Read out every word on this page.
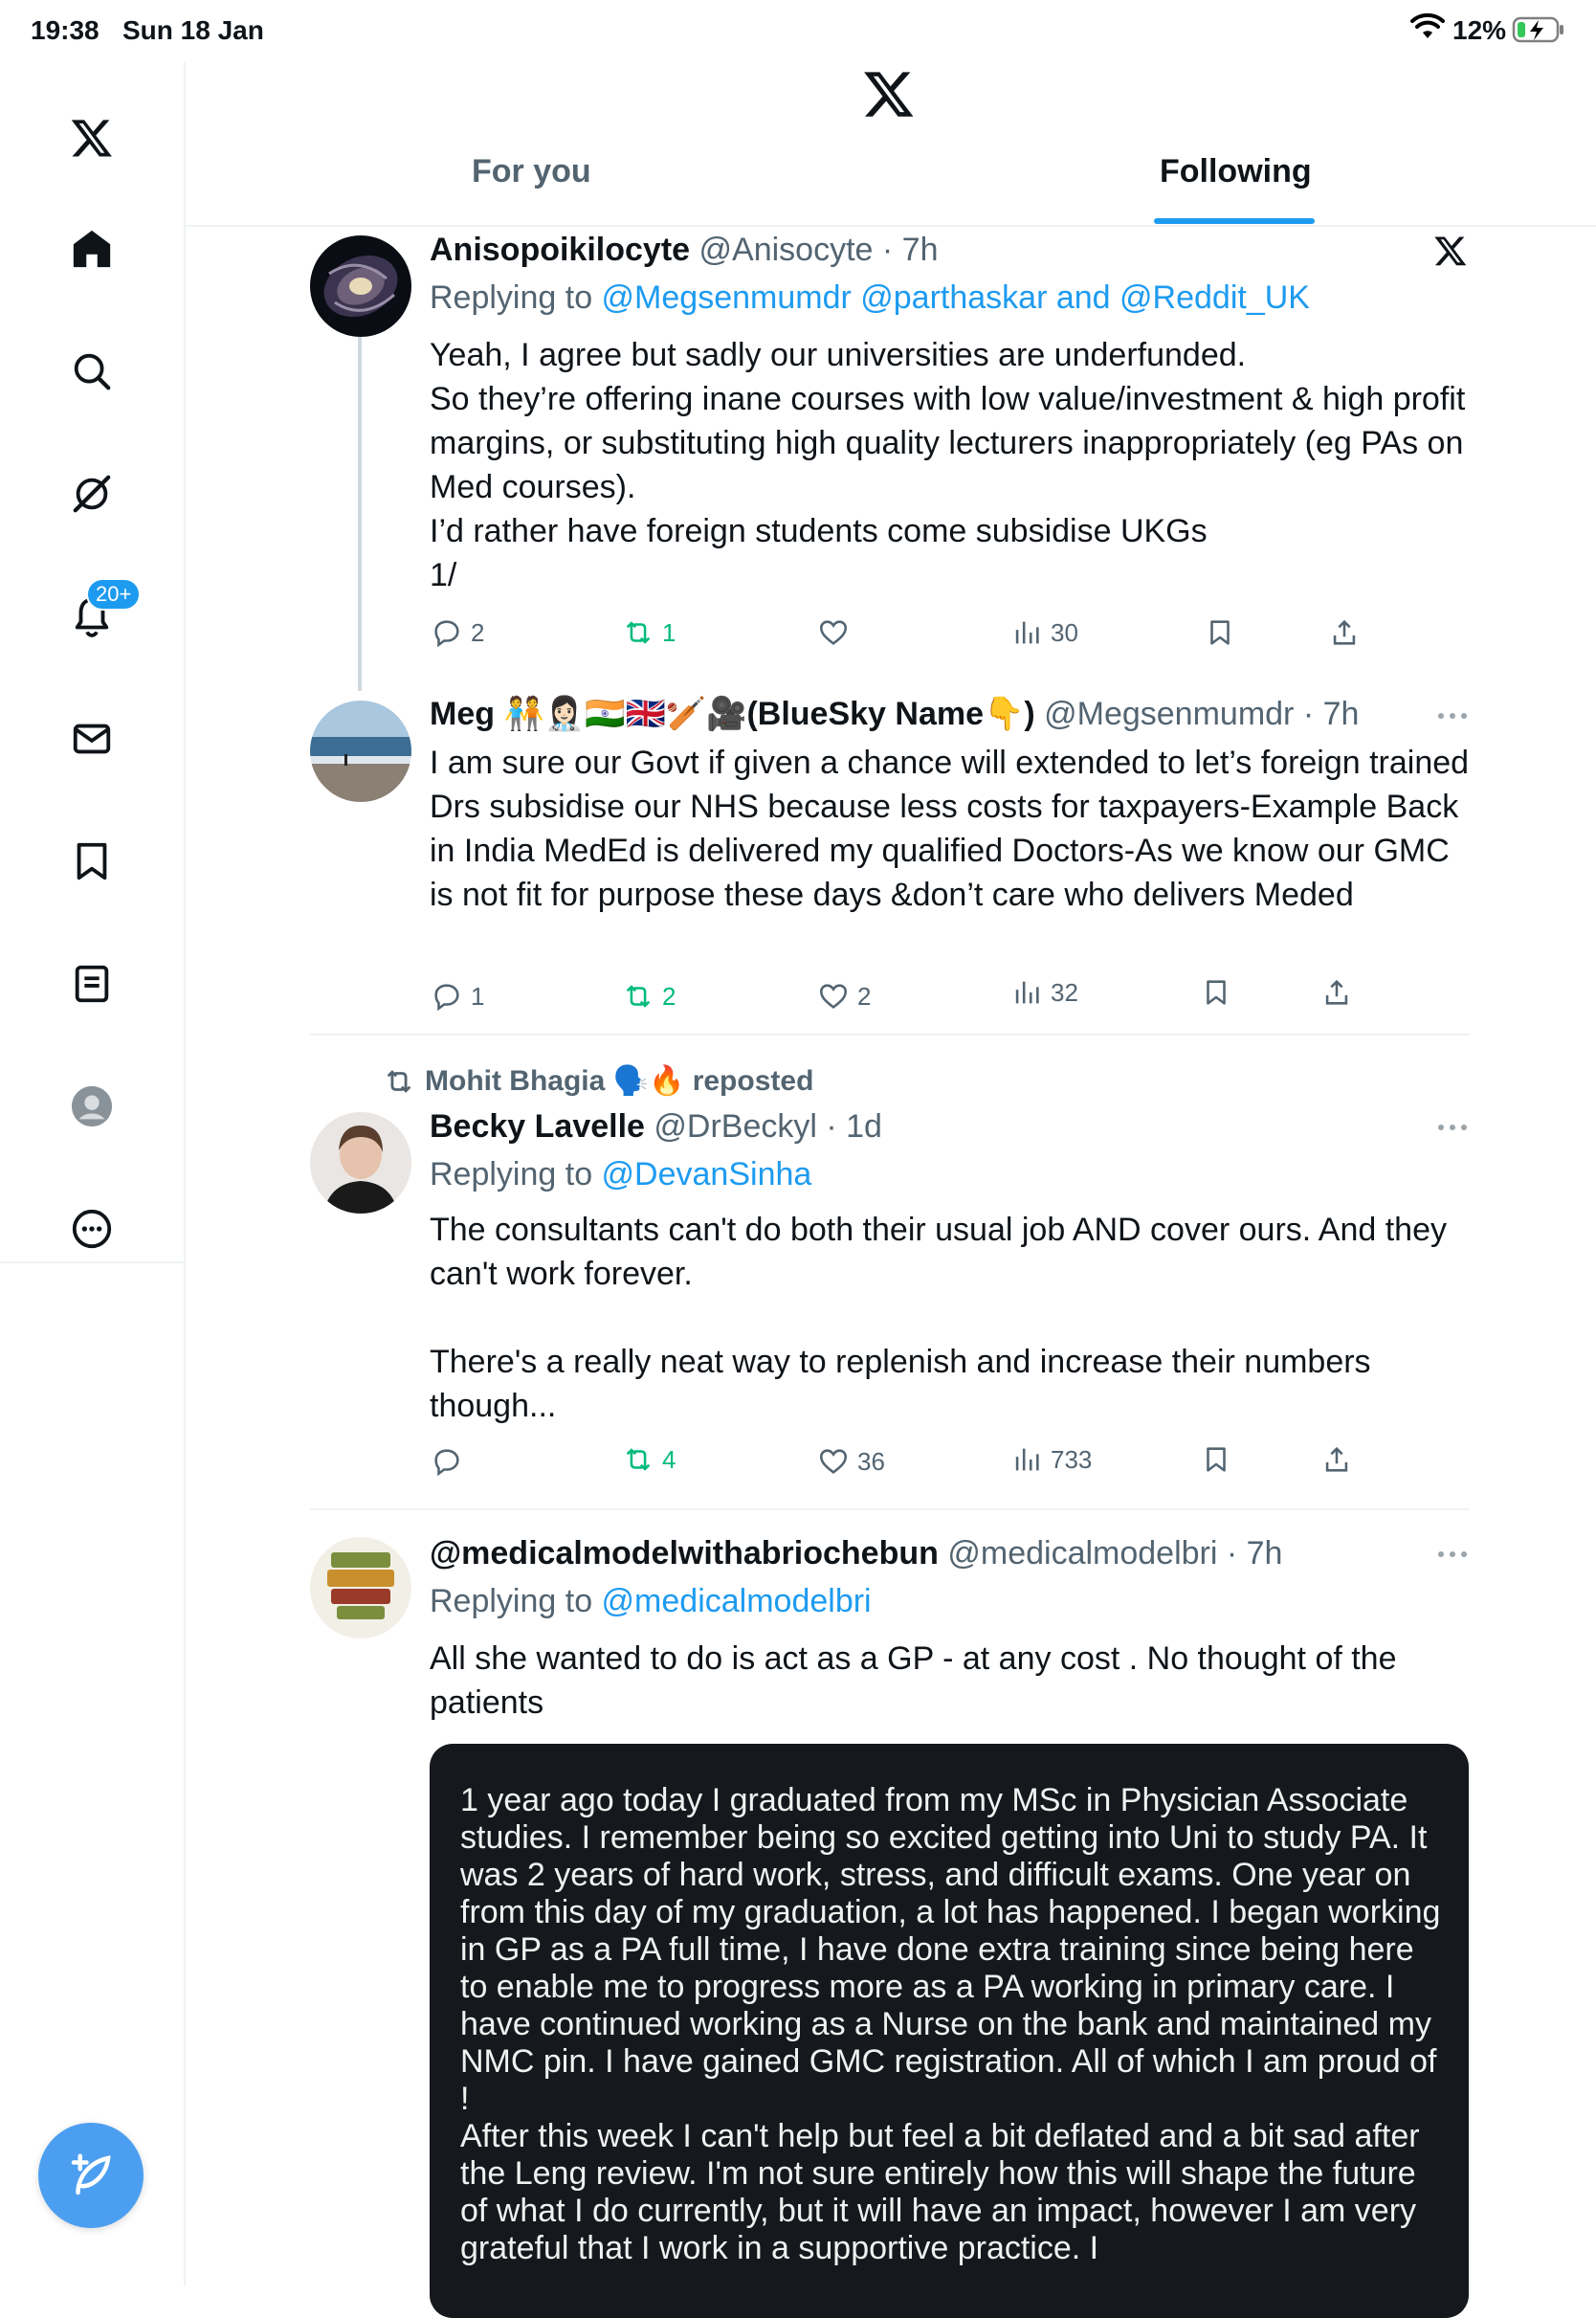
19:38 Sun 18 Jan	12%
20+
For you	Following
Anisopoikilocyte @Anisocyte · 7h
Replying to @Megsenmumdr @parthaskar and @Reddit_UK
Yeah, I agree but sadly our universities are underfunded.
So they’re offering inane courses with low value/investment & high profit margins, or substituting high quality lecturers inappropriately (eg PAs on Med courses).
I’d rather have foreign students come subsidise UKGs
1/
2	1	30
Meg 🧑‍🤝‍🧑👩🏻‍⚕️🇮🇳🇬🇧🏏🎥(BlueSky Name👇) @Megsenmumdr · 7h
I am sure our Govt if given a chance will extended to let’s foreign trained Drs subsidise our NHS because less costs for taxpayers-Example Back in India MedEd is delivered my qualified Doctors-As we know our GMC is not fit for purpose these days &don’t care who delivers Meded
1	2	2	32
Mohit Bhagia 🗣️🔥 reposted
Becky Lavelle @DrBeckyl · 1d
Replying to @DevanSinha
The consultants can't do both their usual job AND cover ours. And they can't work forever.

There's a really neat way to replenish and increase their numbers though...
4	36	733
@medicalmodelwithabriochebun @medicalmodelbri · 7h
Replying to @medicalmodelbri
All she wanted to do is act as a GP - at any cost . No thought of the patients
1 year ago today I graduated from my MSc in Physician Associate studies. I remember being so excited getting into Uni to study PA. It was 2 years of hard work, stress, and difficult exams. One year on from this day of my graduation, a lot has happened. I began working in GP as a PA full time, I have done extra training since being here to enable me to progress more as a PA working in primary care. I have continued working as a Nurse on the bank and maintained my NMC pin. I have gained GMC registration. All of which I am proud of !
After this week I can't help but feel a bit deflated and a bit sad after the Leng review. I'm not sure entirely how this will shape the future of what I do currently, but it will have an impact, however I am very grateful that I work in a supportive practice. I
